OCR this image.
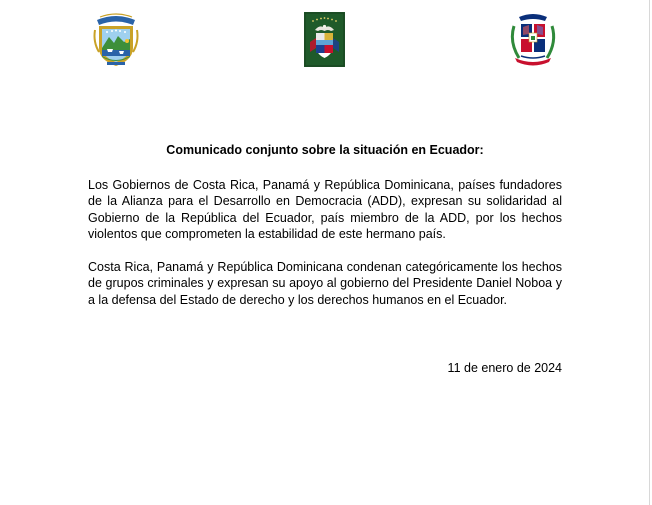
Comunicado conjunto sobre la situación en Ecuador:

Los Gobiernos de Costa Rica, Panamá y República Dominicana, países fundadores de la Alianza para el Desarrollo en Democracia (ADD), expresan su solidaridad al Gobierno de la República del Ecuador, país miembro de la ADD, por los hechos violentos que comprometen la estabilidad de este hermano país.

Costa Rica, Panamá y República Dominicana condenan categóricamente los hechos de grupos criminales y expresan su apoyo al gobierno del Presidente Daniel Noboa y a la defensa del Estado de derecho y los derechos humanos en el Ecuador.

11 de enero de 2024
